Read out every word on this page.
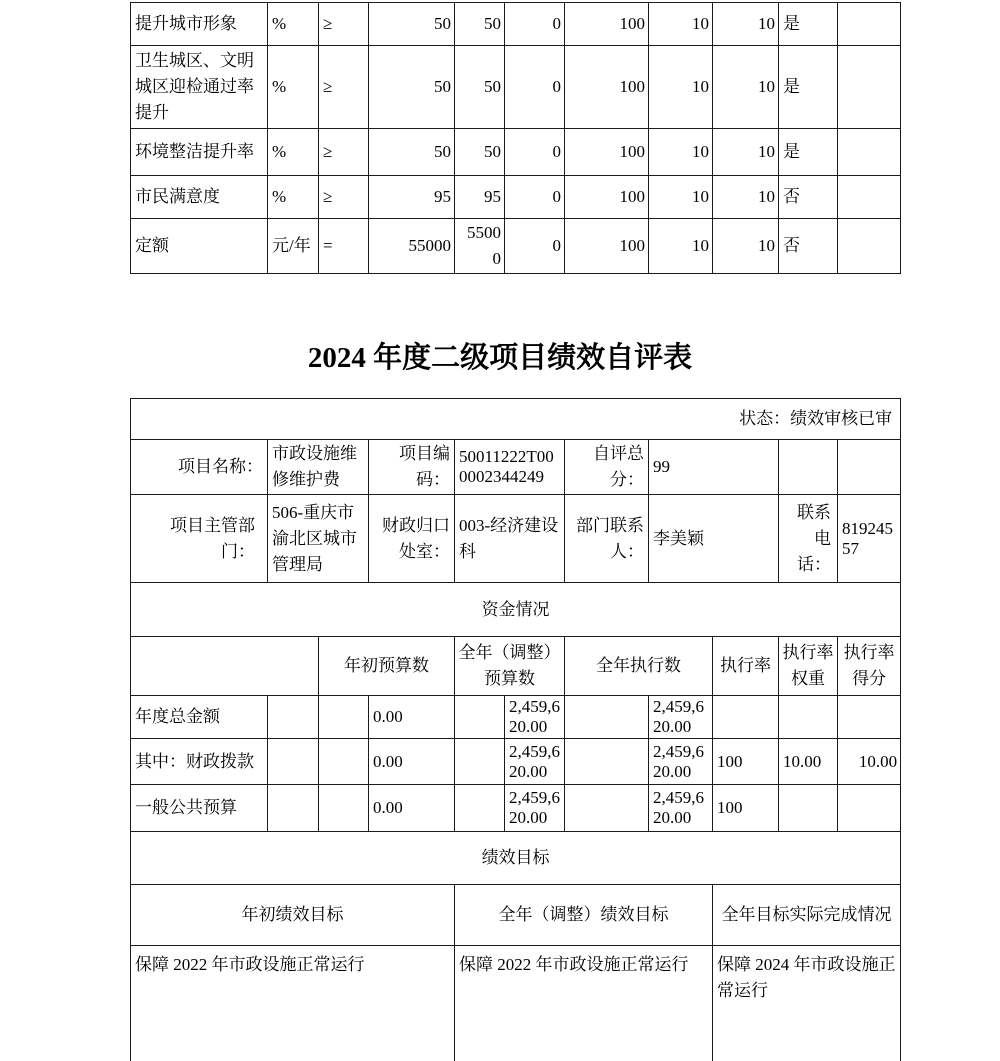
提升城市形象	%	≥	50	50	0	100	10	10	是	
卫生城区、文明城区迎检通过率提升	%	≥	50	50	0	100	10	10	是	
环境整洁提升率	%	≥	50	50	0	100	10	10	是	
市民满意度	%	≥	95	95	0	100	10	10	否	
定额	元/年	=	55000	55000	0	100	10	10	否	
2024 年度二级项目绩效自评表
状态：绩效审核已审										
项目名称：	市政设施维修维护费		项目编码：	50011222T000002344249		自评总分：	99			
项目主管部门：	506-重庆市渝北区城市管理局		财政归口处室：	003-经济建设科		部门联系人：	李美颖		联系电话：	81924557
资金情况										
		年初预算数		全年（调整）预算数		全年执行数		执行率	执行率权重	执行率得分
年度总金额			0.00		2,459,620.00		2,459,620.00			
其中：财政拨款			0.00		2,459,620.00		2,459,620.00	100	10.00	10.00
一般公共预算			0.00		2,459,620.00		2,459,620.00	100		
绩效目标										
年初绩效目标				全年（调整）绩效目标				全年目标实际完成情况		
保障 2022 年市政设施正常运行				保障 2022 年市政设施正常运行				保障 2024 年市政设施正常运行		
